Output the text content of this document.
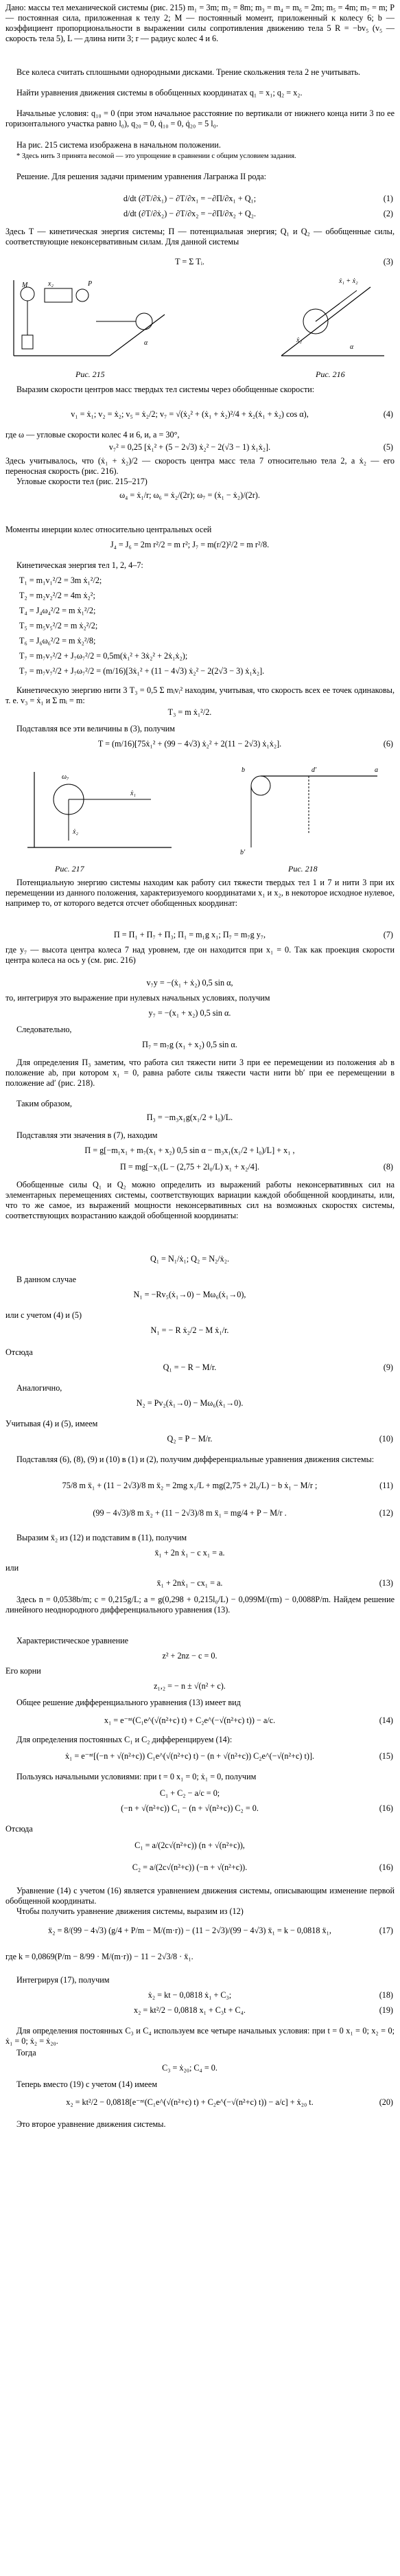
Дано: массы тел механической системы (рис. 215) m₁ = 3m; m₂ = 8m; m₃ = m₄ = m₆ = 2m; m₅ = 4m; m₇ = m; P — постоянная сила, приложенная к телу 2; M — постоянный момент, приложенный к колесу 6; b — коэффициент пропорциональности в выражении силы сопротивления движению тела 5 R = −bv₅ (v₅ — скорость тела 5), L — длина нити 3; r — радиус колес 4 и 6.
Все колеса считать сплошными однородными дисками. Трение скольжения тела 2 не учитывать.
Найти уравнения движения системы в обобщенных координатах q₁ = x₁; q₂ = x₂.
Начальные условия: q₁₀ = 0 (при этом начальное расстояние по вертикали от нижнего конца нити 3 по ее горизонтального участка равно l₀), q₂₀ = 0, q̇₁₀ = 0, q̇₂₀ = 5 l₀.
На рис. 215 система изображена в начальном положении.
* Здесь нить 3 принята весомой — это упрощение в сравнении с общим условием задания.
Решение. Для решения задачи применим уравнения Лагранжа II рода:
d/dt (∂T/∂ẋ₁) − ∂T/∂x₁ = −∂П/∂x₁ + Q₁;	(1)
d/dt (∂T/∂ẋ₂) − ∂T/∂x₂ = −∂П/∂x₂ + Q₂.	(2)
Здесь T — кинетическая энергия системы; П — потенциальная энергия; Q₁ и Q₂ — обобщенные силы, соответствующие неконсервативным силам. Для данной системы
T = Σ Tᵢ.	(3)
x₂
M	P
α
Рис. 215
ẋ₁ + ẋ₂
ẋ₂
α
Рис. 216
Выразим скорости центров масс твердых тел системы через обобщенные скорости:
v₁ = ẋ₁; v₂ = ẋ₂; v₅ = ẋ₂/2; v₇ = √(ẋ₂² + (ẋ₁ + ẋ₂)²/4 + ẋ₂(ẋ₁ + ẋ₂) cos α),	(4)
где ω — угловые скорости колес 4 и 6, и, а = 30°,
v₇² = 0,25 [ẋ₁² + (5 − 2√3) ẋ₂² − 2(√3 − 1) ẋ₁ẋ₂].	(5)
Здесь учитывалось, что (ẋ₁ + ẋ₂)/2 — скорость центра масс тела 7 относительно тела 2, а ẋ₂ — его переносная скорость (рис. 216).
Угловые скорости тел (рис. 215–217)
ω₄ = ẋ₁/r; ω₆ = ẋ₂/(2r); ω₇ = (ẋ₁ − ẋ₂)/(2r).
Моменты инерции колес относительно центральных осей
J₄ = J₆ = 2m r²/2 = m r²; J₇ = m(r/2)²/2 = m r²/8.
Кинетическая энергия тел 1, 2, 4–7:
T₁ = m₁v₁²/2 = 3m ẋ₁²/2;
T₂ = m₂v₂²/2 = 4m ẋ₂²;
T₄ = J₄ω₄²/2 = m ẋ₁²/2;
T₅ = m₅v₅²/2 = m ẋ₂²/2;
T₆ = J₆ω₆²/2 = m ẋ₂²/8;
T₇ = m₇v₇²/2 + J₇ω₇²/2 = 0,5m(ẋ₁² + 3ẋ₂² + 2ẋ₁ẋ₂);
T₇ = m₇v₇²/2 + J₇ω₇²/2 = (m/16)[3ẋ₁² + (11 − 4√3) ẋ₂² − 2(2√3 − 3) ẋ₁ẋ₂].
Кинетическую энергию нити 3 T₃ = 0,5 Σ mᵢvᵢ² находим, учитывая, что скорость всех ее точек одинаковы, т. е. v₃ = ẋ₁ и Σ mᵢ = m:
T₃ = m ẋ₁²/2.
Подставляя все эти величины в (3), получим
T = (m/16)[75ẋ₁² + (99 − 4√3) ẋ₂² + 2(11 − 2√3) ẋ₁ẋ₂].	(6)
ω₇
ẋ₁
ẋ₂
Рис. 217
b	a
d′
b′
Рис. 218
Потенциальную энергию системы находим как работу сил тяжести твердых тел 1 и 7 и нити 3 при их перемещении из данного положения, характеризуемого координатами x₁ и x₂, в некоторое исходное нулевое, например то, от которого ведется отсчет обобщенных координат:
П = П₁ + П₇ + П₃; П₁ = m₁g x₁; П₇ = m₇g y₇,	(7)
где y₇ — высота центра колеса 7 над уровнем, где он находится при x₁ = 0. Так как проекция скорости центра колеса на ось y (см. рис. 216)
v₇y = −(ẋ₁ + ẋ₂) 0,5 sin α,
то, интегрируя это выражение при нулевых начальных условиях, получим
y₇ = −(x₁ + x₂) 0,5 sin α.
Следовательно,
П₇ = m₇g (x₁ + x₂) 0,5 sin α.
Для определения П₃ заметим, что работа сил тяжести нити 3 при ее перемещении из положения ab в положение ab, при котором x₁ = 0, равна работе силы тяжести части нити bb′ при ее перемещении в положение ad′ (рис. 218).
Таким образом,
П₃ = −m₃x₁g(x₁/2 + l₀)/L.
Подставляя эти значения в (7), находим
П = g[−m₁x₁ + m₇(x₁ + x₂) 0,5 sin α − m₃x₁(x₁/2 + l₀)/L] + x₁ ,
П = mg[−x₁(L − (2,75 + 2l₀/L) x₁ + x₂/4].	(8)
Обобщенные силы Q₁ и Q₂ можно определить из выражений работы неконсервативных сил на элементарных перемещениях системы, соответствующих вариации каждой обобщенной координаты, или, что то же самое, из выражений мощности неконсервативных сил на возможных скоростях системы, соответствующих возрастанию каждой обобщенной координаты:
Q₁ = N₁/ẋ₁; Q₂ = N₂/ẋ₂.
В данном случае
N₁ = −Rv₅(ẋ₁→0) − Mω₆(ẋ₁→0),
или с учетом (4) и (5)
N₁ = − R ẋ₂/2 − M ẋ₁/r.
Отсюда
Q₁ = − R − M/r.	(9)
Аналогично,
N₂ = Pv₂(ẋ₁→0) − Mω₆(ẋ₁→0).
Учитывая (4) и (5), имеем
Q₂ = P − M/r.	(10)
Подставляя (6), (8), (9) и (10) в (1) и (2), получим дифференциальные уравнения движения системы:
75/8 m ẍ₁ + (11 − 2√3)/8 m ẍ₂ = 2mg x₁/L + mg(2,75 + 2l₀/L) − b ẋ₁ − M/r ;	(11)
(99 − 4√3)/8 m ẍ₂ + (11 − 2√3)/8 m ẍ₁ = mg/4 + P − M/r .	(12)
Выразим ẍ₂ из (12) и подставим в (11), получим
ẍ₁ + 2n ẋ₁ − c x₁ = a.
или
ẍ₁ + 2nẋ₁ − cx₁ = a.	(13)
Здесь n = 0,0538b/m; c = 0,215g/L; a = g(0,298 + 0,215l₀/L) − 0,099M/(rm) − 0,0088P/m. Найдем решение линейного неоднородного дифференциального уравнения (13).
Характеристическое уравнение
z² + 2nz − c = 0.
Его корни
z₁,₂ = − n ± √(n² + c).
Общее решение дифференциального уравнения (13) имеет вид
x₁ = e⁻ⁿᵗ(C₁e^(√(n²+c) t) + C₂e^(−√(n²+c) t)) − a/c.	(14)
Для определения постоянных C₁ и C₂ дифференцируем (14):
ẋ₁ = e⁻ⁿᵗ[(−n + √(n²+c)) C₁e^(√(n²+c) t) − (n + √(n²+c)) C₂e^(−√(n²+c) t)].	(15)
Пользуясь начальными условиями: при t = 0 x₁ = 0; ẋ₁ = 0, получим
C₁ + C₂ − a/c = 0;
(−n + √(n²+c)) C₁ − (n + √(n²+c)) C₂ = 0.	(16)
Отсюда
C₁ = a/(2c√(n²+c)) (n + √(n²+c)),
C₂ = a/(2c√(n²+c)) (−n + √(n²+c)).	(16)
Уравнение (14) с учетом (16) является уравнением движения системы, описывающим изменение первой обобщенной координаты.
Чтобы получить уравнение движения системы, выразим из (12)
ẍ₂ = 8/(99 − 4√3) (g/4 + P/m − M/(m·r)) − (11 − 2√3)/(99 − 4√3) ẍ₁ = k − 0,0818 ẍ₁,	(17)
где k = 0,0869(P/m − 8/99 · M/(m·r)) − 11 − 2√3/8 · ẍ₁.
Интегрируя (17), получим
ẋ₂ = kt − 0,0818 ẋ₁ + C₃;	(18)
x₂ = kt²/2 − 0,0818 x₁ + C₃t + C₄.	(19)
Для определения постоянных C₃ и C₄ используем все четыре начальных условия: при t = 0 x₁ = 0; x₂ = 0; ẋ₁ = 0; ẋ₂ = ẋ₂₀.
Тогда
C₃ = ẋ₂₀; C₄ = 0.
Теперь вместо (19) с учетом (14) имеем
x₂ = kt²/2 − 0,0818[e⁻ⁿᵗ(C₁e^(√(n²+c) t) + C₂e^(−√(n²+c) t)) − a/c] + ẋ₂₀ t.	(20)
Это второе уравнение движения системы.
